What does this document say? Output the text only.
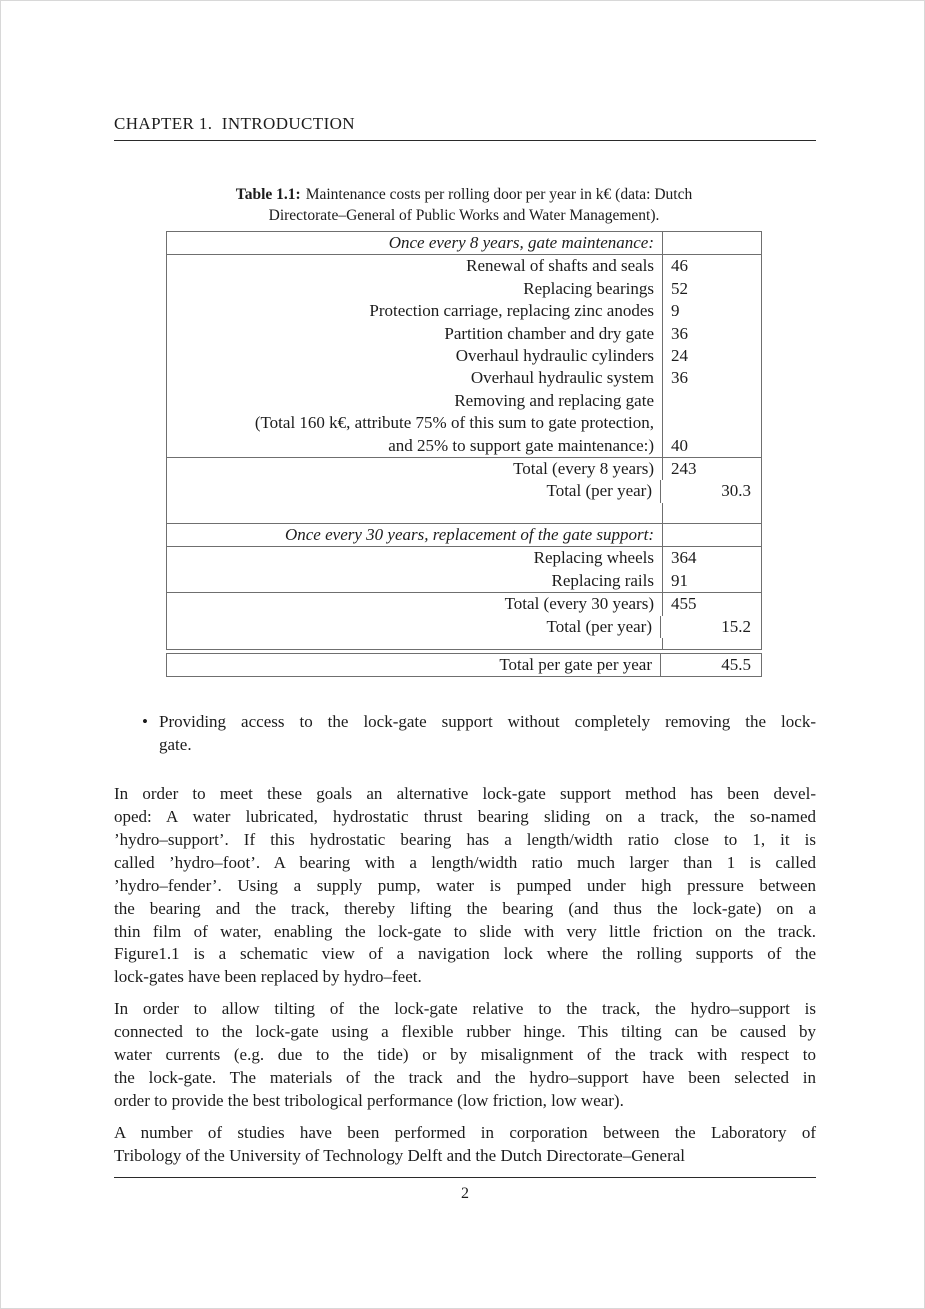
CHAPTER 1.  INTRODUCTION
Table 1.1: Maintenance costs per rolling door per year in k€ (data: Dutch
Directorate–General of Public Works and Water Management).
Once every 8 years, gate maintenance:
Renewal of shafts and seals	46
Replacing bearings	52
Protection carriage, replacing zinc anodes	9
Partition chamber and dry gate	36
Overhaul hydraulic cylinders	24
Overhaul hydraulic system	36
Removing and replacing gate
(Total 160 k€, attribute 75% of this sum to gate protection,
and 25% to support gate maintenance:)	40
Total (every 8 years)	243
Total (per year)	30.3
Once every 30 years, replacement of the gate support:
Replacing wheels	364
Replacing rails	91
Total (every 30 years)	455
Total (per year)	15.2
Total per gate per year	45.5
• Providing access to the lock-gate support without completely removing the lock-
gate.
In order to meet these goals an alternative lock-gate support method has been devel-
oped: A water lubricated, hydrostatic thrust bearing sliding on a track, the so-named
’hydro–support’. If this hydrostatic bearing has a length/width ratio close to 1, it is
called ’hydro–foot’. A bearing with a length/width ratio much larger than 1 is called
’hydro–fender’. Using a supply pump, water is pumped under high pressure between
the bearing and the track, thereby lifting the bearing (and thus the lock-gate) on a
thin film of water, enabling the lock-gate to slide with very little friction on the track.
Figure1.1 is a schematic view of a navigation lock where the rolling supports of the
lock-gates have been replaced by hydro–feet.
In order to allow tilting of the lock-gate relative to the track, the hydro–support is
connected to the lock-gate using a flexible rubber hinge. This tilting can be caused by
water currents (e.g. due to the tide) or by misalignment of the track with respect to
the lock-gate. The materials of the track and the hydro–support have been selected in
order to provide the best tribological performance (low friction, low wear).
A number of studies have been performed in corporation between the Laboratory of
Tribology of the University of Technology Delft and the Dutch Directorate–General
2
